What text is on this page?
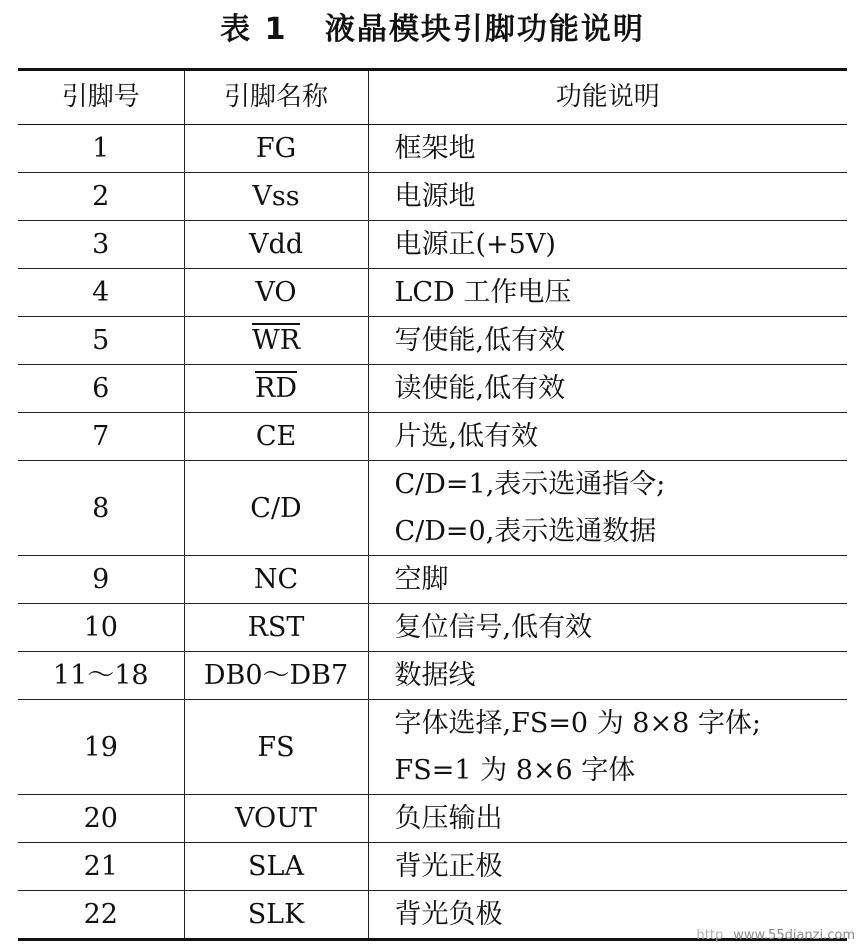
表 1   液晶模块引脚功能说明
引脚号	引脚名称	功能说明
1	FG	框架地

2	Vss	电源地

3	Vdd	电源正(+5V)

4	VO	LCD 工作电压

5	$\overline{WR}$	写使能,低有效

6	$\overline{RD}$	读使能,低有效

7	CE	片选,低有效

8	C/D	C/D=1,表示选通指令;
C/D=0,表示选通数据

9	NC	空脚

10	RST	复位信号,低有效

11～18	DB0～DB7	数据线

19	FS	字体选择,FS=0 为 8×8 字体;
FS=1 为 8×6 字体

20	VOUT	负压输出

21	SLA	背光正极

22	SLK	背光负极
http www.55dianzi.com
